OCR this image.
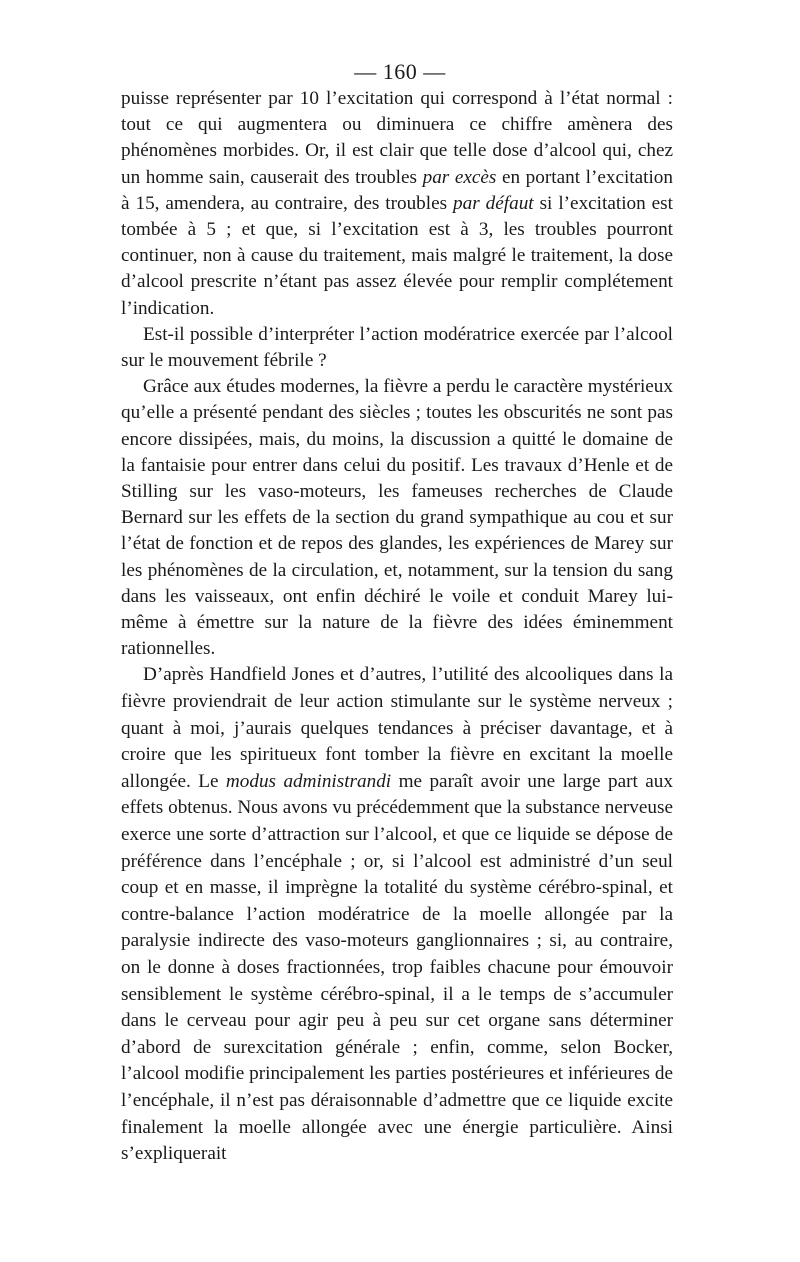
— 160 —

puisse représenter par 10 l’excitation qui correspond à l’état normal : tout ce qui augmentera ou diminuera ce chiffre amènera des phénomènes morbides. Or, il est clair que telle dose d’alcool qui, chez un homme sain, causerait des troubles par excès en portant l’excitation à 15, amendera, au contraire, des troubles par défaut si l’excitation est tombée à 5 ; et que, si l’excitation est à 3, les troubles pourront continuer, non à cause du traitement, mais malgré le traitement, la dose d’alcool prescrite n’étant pas assez élevée pour remplir complétement l’indication.

Est-il possible d’interpréter l’action modératrice exercée par l’alcool sur le mouvement fébrile ?

Grâce aux études modernes, la fièvre a perdu le caractère mystérieux qu’elle a présenté pendant des siècles ; toutes les obscurités ne sont pas encore dissipées, mais, du moins, la discussion a quitté le domaine de la fantaisie pour entrer dans celui du positif. Les travaux d’Henle et de Stilling sur les vaso-moteurs, les fameuses recherches de Claude Bernard sur les effets de la section du grand sympathique au cou et sur l’état de fonction et de repos des glandes, les expériences de Marey sur les phénomènes de la circulation, et, notamment, sur la tension du sang dans les vaisseaux, ont enfin déchiré le voile et conduit Marey lui-même à émettre sur la nature de la fièvre des idées éminemment rationnelles.

D’après Handfield Jones et d’autres, l’utilité des alcooliques dans la fièvre proviendrait de leur action stimulante sur le système nerveux ; quant à moi, j’aurais quelques tendances à préciser davantage, et à croire que les spiritueux font tomber la fièvre en excitant la moelle allongée. Le modus administrandi me paraît avoir une large part aux effets obtenus. Nous avons vu précédemment que la substance nerveuse exerce une sorte d’attraction sur l’alcool, et que ce liquide se dépose de préférence dans l’encéphale ; or, si l’alcool est administré d’un seul coup et en masse, il imprègne la totalité du système cérébro-spinal, et contre-balance l’action modératrice de la moelle allongée par la paralysie indirecte des vaso-moteurs ganglionnaires ; si, au contraire, on le donne à doses fractionnées, trop faibles chacune pour émouvoir sensiblement le système cérébro-spinal, il a le temps de s’accumuler dans le cerveau pour agir peu à peu sur cet organe sans déterminer d’abord de surexcitation générale ; enfin, comme, selon Bocker, l’alcool modifie principalement les parties postérieures et inférieures de l’encéphale, il n’est pas déraisonnable d’admettre que ce liquide excite finalement la moelle allongée avec une énergie particulière. Ainsi s’expliquerait
